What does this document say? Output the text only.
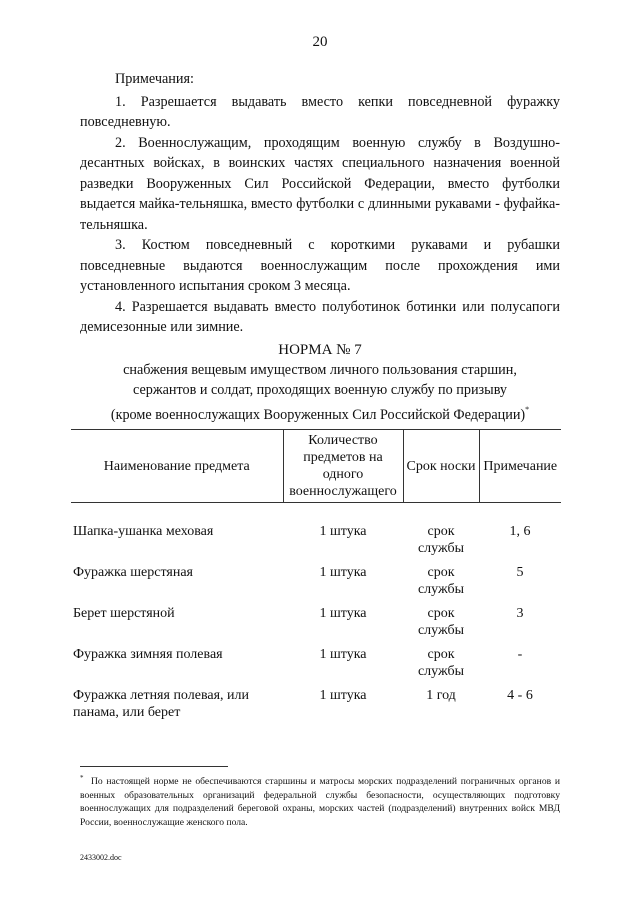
20

Примечания:

1. Разрешается выдавать вместо кепки повседневной фуражку повседневную.

2. Военнослужащим, проходящим военную службу в Воздушно-десантных войсках, в воинских частях специального назначения военной разведки Вооруженных Сил Российской Федерации, вместо футболки выдается майка-тельняшка, вместо футболки с длинными рукавами - фуфайка-тельняшка.

3. Костюм повседневный с короткими рукавами и рубашки повседневные выдаются военнослужащим после прохождения ими установленного испытания сроком 3 месяца.

4. Разрешается выдавать вместо полуботинок ботинки или полусапоги демисезонные или зимние.

НОРМА № 7
снабжения вещевым имуществом личного пользования старшин,
сержантов и солдат, проходящих военную службу по призыву
(кроме военнослужащих Вооруженных Сил Российской Федерации)*
Наименование предмета	Количество предметов на одного военнослужащего	Срок носки	Примечание
Шапка-ушанка меховая	1 штука	срок службы	1, 6
Фуражка шерстяная	1 штука	срок службы	5
Берет шерстяной	1 штука	срок службы	3
Фуражка зимняя полевая	1 штука	срок службы	-
Фуражка летняя полевая, или панама, или берет	1 штука	1 год	4 - 6
* По настоящей норме не обеспечиваются старшины и матросы морских подразделений пограничных органов и военных образовательных организаций федеральной службы безопасности, осуществляющих подготовку военнослужащих для подразделений береговой охраны, морских частей (подразделений) внутренних войск МВД России, военнослужащие женского пола.
2433002.doc
